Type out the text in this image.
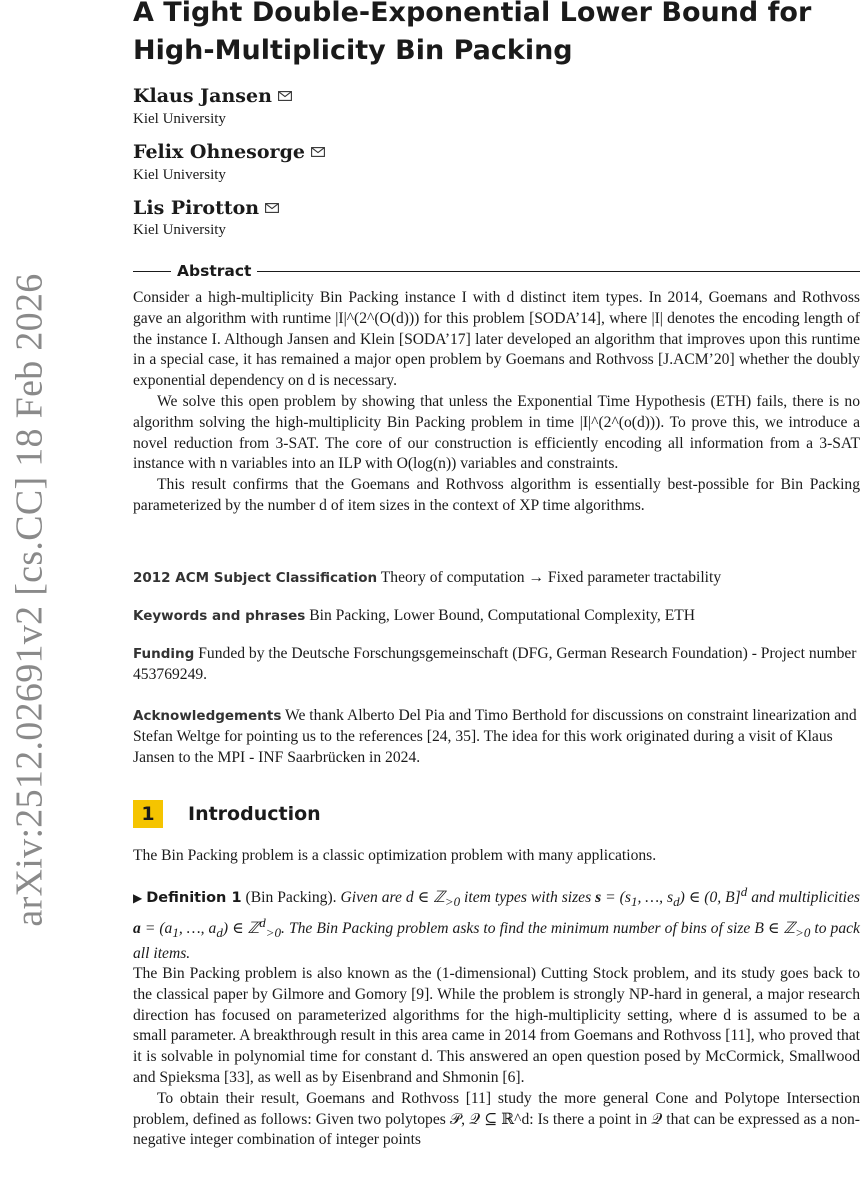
arXiv:2512.02691v2 [cs.CC] 18 Feb 2026
A Tight Double-Exponential Lower Bound for
High-Multiplicity Bin Packing
Klaus Jansen
Kiel University
Felix Ohnesorge
Kiel University
Lis Pirotton
Kiel University
Abstract

Consider a high-multiplicity Bin Packing instance I with d distinct item types. In 2014, Goemans and Rothvoss gave an algorithm with runtime |I|^(2^(O(d))) for this problem [SODA’14], where |I| denotes the encoding length of the instance I. Although Jansen and Klein [SODA’17] later developed an algorithm that improves upon this runtime in a special case, it has remained a major open problem by Goemans and Rothvoss [J.ACM’20] whether the doubly exponential dependency on d is necessary.

We solve this open problem by showing that unless the Exponential Time Hypothesis (ETH) fails, there is no algorithm solving the high-multiplicity Bin Packing problem in time |I|^(2^(o(d))). To prove this, we introduce a novel reduction from 3-SAT. The core of our construction is efficiently encoding all information from a 3-SAT instance with n variables into an ILP with O(log(n)) variables and constraints.

This result confirms that the Goemans and Rothvoss algorithm is essentially best-possible for Bin Packing parameterized by the number d of item sizes in the context of XP time algorithms.

2012 ACM Subject Classification Theory of computation → Fixed parameter tractability
Keywords and phrases Bin Packing, Lower Bound, Computational Complexity, ETH
Funding Funded by the Deutsche Forschungsgemeinschaft (DFG, German Research Foundation) - Project number 453769249.
Acknowledgements We thank Alberto Del Pia and Timo Berthold for discussions on constraint linearization and Stefan Weltge for pointing us to the references [24, 35]. The idea for this work originated during a visit of Klaus Jansen to the MPI - INF Saarbrücken in 2024.
1	Introduction

The Bin Packing problem is a classic optimization problem with many applications.

▶ Definition 1 (Bin Packing). Given are d ∈ ℤ$_{>0}$ item types with sizes $s = (s_1$, …, $s_d$) ∈ (0, B]$^d$ and multiplicities $a = (a_1$, …, $a_d$) ∈ ℤ$^d_{>0}$. The Bin Packing problem asks to find the minimum number of bins of size B ∈ ℤ$_{>0}$ to pack all items.

The Bin Packing problem is also known as the (1-dimensional) Cutting Stock problem, and its study goes back to the classical paper by Gilmore and Gomory [9]. While the problem is strongly NP-hard in general, a major research direction has focused on parameterized algorithms for the high-multiplicity setting, where d is assumed to be a small parameter. A breakthrough result in this area came in 2014 from Goemans and Rothvoss [11], who proved that it is solvable in polynomial time for constant d. This answered an open question posed by McCormick, Smallwood and Spieksma [33], as well as by Eisenbrand and Shmonin [6].

To obtain their result, Goemans and Rothvoss [11] study the more general Cone and Polytope Intersection problem, defined as follows: Given two polytopes 𝒫, 𝒬 ⊆ ℝ^d: Is there a point in 𝒬 that can be expressed as a non-negative integer combination of integer points
